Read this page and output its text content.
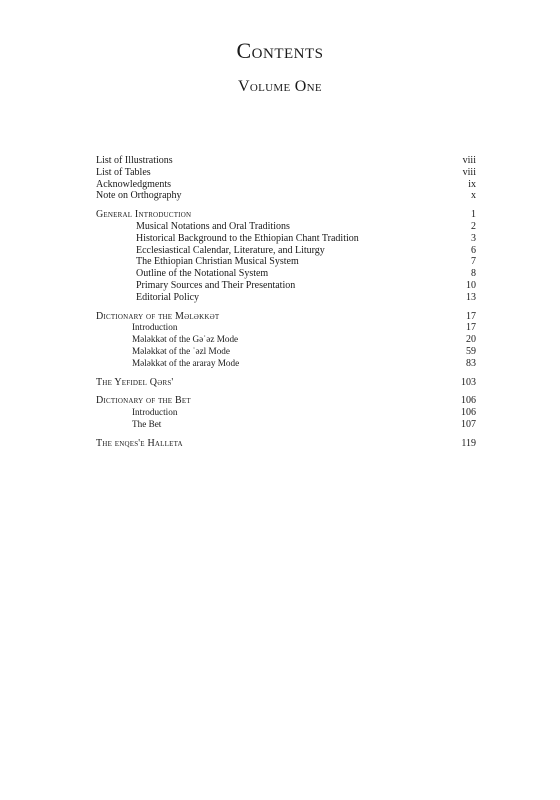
Contents
Volume One
List of Illustrations	viii
List of Tables	viii
Acknowledgments	ix
Note on Orthography	x
General Introduction	1
Musical Notations and Oral Traditions	2
Historical Background to the Ethiopian Chant Tradition	3
Ecclesiastical Calendar, Literature, and Liturgy	6
The Ethiopian Christian Musical System	7
Outline of the Notational System	8
Primary Sources and Their Presentation	10
Editorial Policy	13
Dictionary of the Mələkkət	17
Introduction	17
Mələkkət of the Gəʿəz Mode	20
Mələkkət of the ʿəzl Mode	59
Mələkkət of the araray Mode	83
The Yefidel Qərs'	103
Dictionary of the Bet	106
Introduction	106
The Bet	107
The enqes'e Halleta	119
